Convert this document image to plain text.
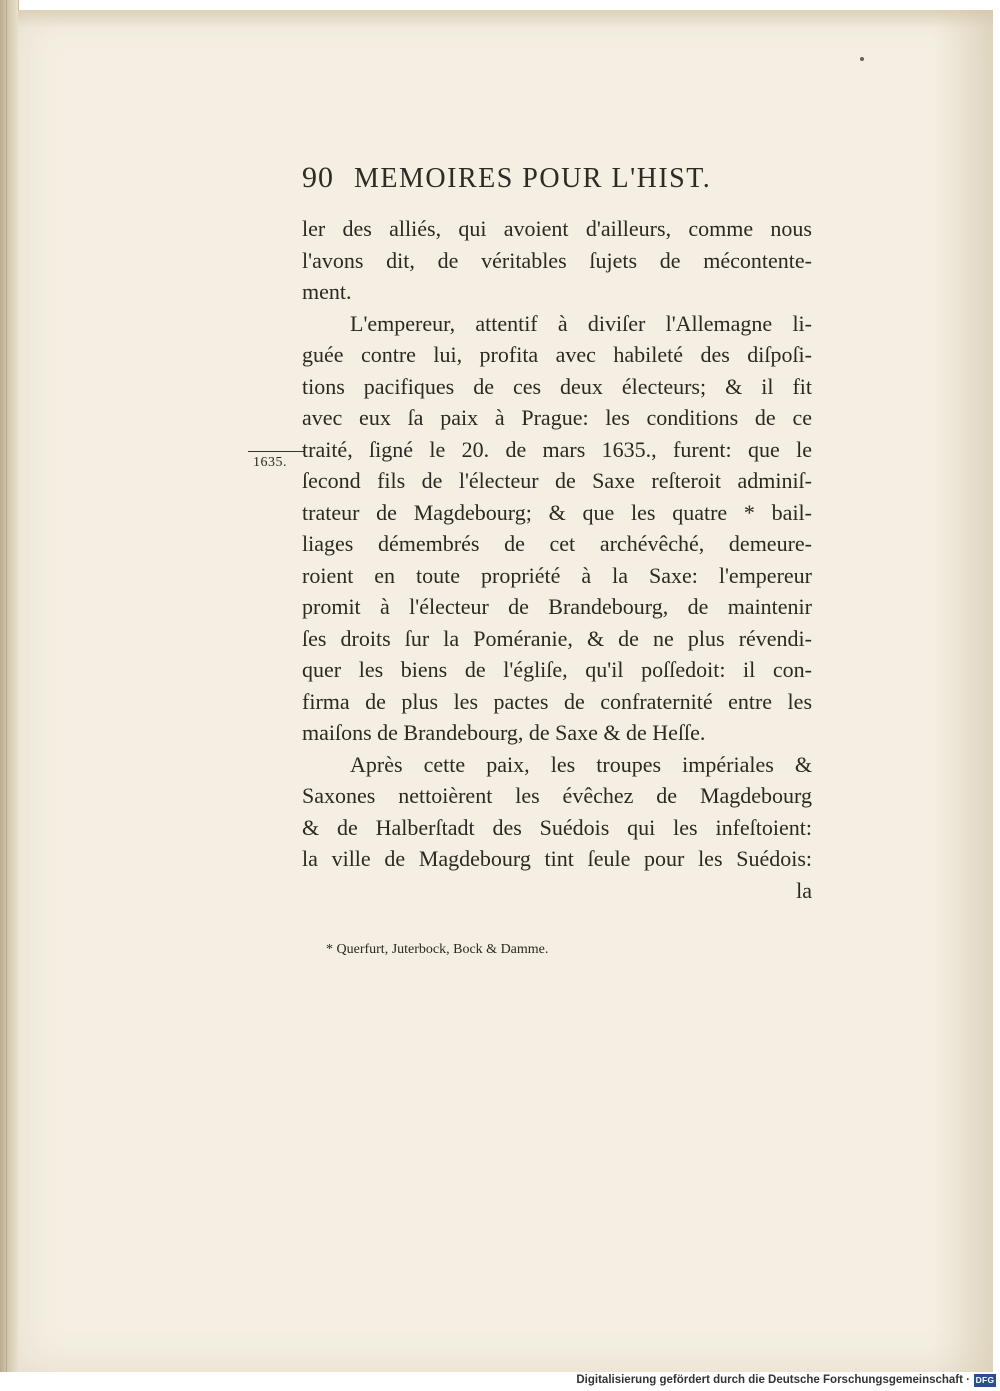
90 MEMOIRES POUR L'HIST.
1635.
ler des alliés, qui avoient d'ailleurs, comme nous
l'avons dit, de véritables ſujets de mécontente-
ment.
L'empereur, attentif à diviſer l'Allemagne li-
guée contre lui, profita avec habileté des diſpoſi-
tions pacifiques de ces deux électeurs; & il fit
avec eux ſa paix à Prague: les conditions de ce
traité, ſigné le 20. de mars 1635., furent: que le
ſecond fils de l'électeur de Saxe reſteroit adminiſ-
trateur de Magdebourg; & que les quatre * bail-
liages démembrés de cet archévêché, demeure-
roient en toute propriété à la Saxe: l'empereur
promit à l'électeur de Brandebourg, de maintenir
ſes droits ſur la Poméranie, & de ne plus révendi-
quer les biens de l'égliſe, qu'il poſſedoit: il con-
firma de plus les pactes de confraternité entre les
maiſons de Brandebourg, de Saxe & de Heſſe.
Après cette paix, les troupes impériales &
Saxones nettoièrent les évêchez de Magdebourg
& de Halberſtadt des Suédois qui les infeſtoient:
la ville de Magdebourg tint ſeule pour les Suédois:
la
* Querfurt, Juterbock, Bock & Damme.
Digitalisierung gefördert durch die Deutsche Forschungsgemeinschaft · DFG
